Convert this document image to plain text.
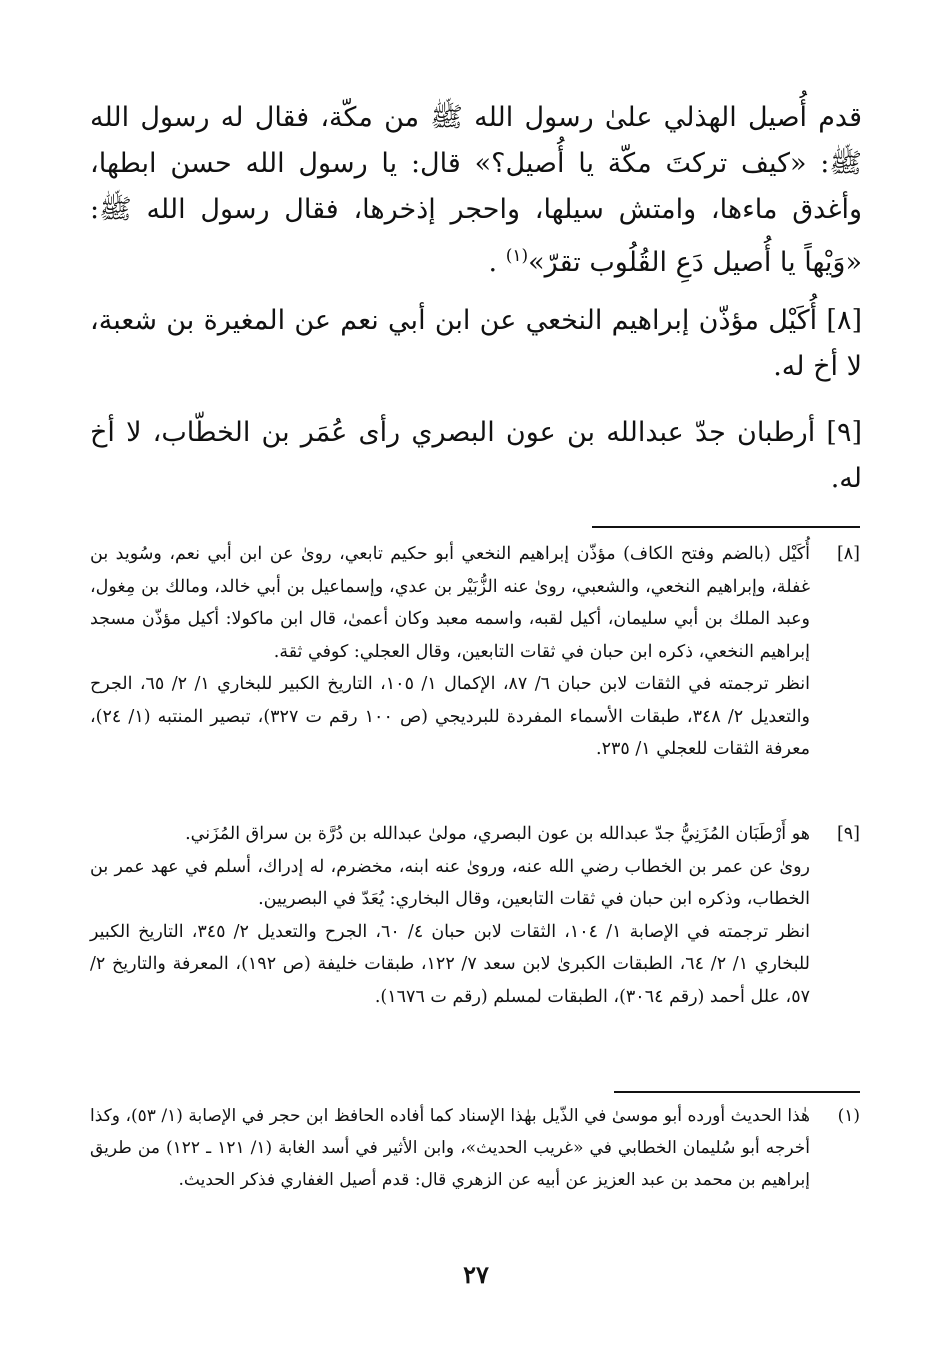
قدم أُصيل الهذلي علىٰ رسول الله ﷺ من مكّة، فقال له رسول الله ﷺ: «كيف تركتَ مكّة يا أُصيل؟» قال: يا رسول الله حسن ابطها، وأغدق ماءها، وامتش سيلها، واحجر إذخرها، فقال رسول الله ﷺ: «وَيْهاً يا أُصيل دَعِ القُلُوب تقرّ»$^{(١)}$ .

[٨] أُكَيْل مؤذّن إبراهيم النخعي عن ابن أبي نعم عن المغيرة بن شعبة، لا أخ له.

[٩] أرطبان جدّ عبدالله بن عون البصري رأى عُمَر بن الخطّاب، لا أخ له.

[٨]

أُكَيْل (بالضم وفتح الكاف) مؤذّن إبراهيم النخعي أبو حكيم تابعي، روىٰ عن ابن أبي نعم، وسُويد بن غفلة، وإبراهيم النخعي، والشعبي، روىٰ عنه الزُّبَيْر بن عدي، وإسماعيل بن أبي خالد، ومالك بن مِغول، وعبد الملك بن أبي سليمان، أكيل لقبه، واسمه معبد وكان أعمىٰ، قال ابن ماكولا: أكيل مؤذّن مسجد إبراهيم النخعي، ذكره ابن حبان في ثقات التابعين، وقال العجلي: كوفي ثقة.

انظر ترجمته في الثقات لابن حبان ٦/ ٨٧، الإكمال ١/ ١٠٥، التاريخ الكبير للبخاري ١/ ٢/ ٦٥، الجرح والتعديل ٢/ ٣٤٨، طبقات الأسماء المفردة للبرديجي (ص ١٠٠ رقم ت ٣٢٧)، تبصير المنتبه (١/ ٢٤)، معرفة الثقات للعجلي ١/ ٢٣٥.

[٩]

هو أَرْطَبَان المُزَنِيُّ جدّ عبدالله بن عون البصري، مولىٰ عبدالله بن دُرَّة بن سراق المُزَني.

روىٰ عن عمر بن الخطاب رضي الله عنه، وروىٰ عنه ابنه، مخضرم، له إدراك، أسلم في عهد عمر بن الخطاب، وذكره ابن حبان في ثقات التابعين، وقال البخاري: يُعَدّ في البصريين.

انظر ترجمته في الإصابة ١/ ١٠٤، الثقات لابن حبان ٤/ ٦٠، الجرح والتعديل ٢/ ٣٤٥، التاريخ الكبير للبخاري ١/ ٢/ ٦٤، الطبقات الكبرىٰ لابن سعد ٧/ ١٢٢، طبقات خليفة (ص ١٩٢)، المعرفة والتاريخ ٢/ ٥٧، علل أحمد (رقم ٣٠٦٤)، الطبقات لمسلم (رقم ت ١٦٧٦).

(١)
هٰذا الحديث أورده أبو موسىٰ في الذّيل بهٰذا الإسناد كما أفاده الحافظ ابن حجر في الإصابة (١/ ٥٣)، وكذا أخرجه أبو سُليمان الخطابي في «غريب الحديث»، وابن الأثير في أسد الغابة (١/ ١٢١ ـ ١٢٢) من طريق إبراهيم بن محمد بن عبد العزيز عن أبيه عن الزهري قال: قدم أصيل الغفاري فذكر الحديث.
٢٧
